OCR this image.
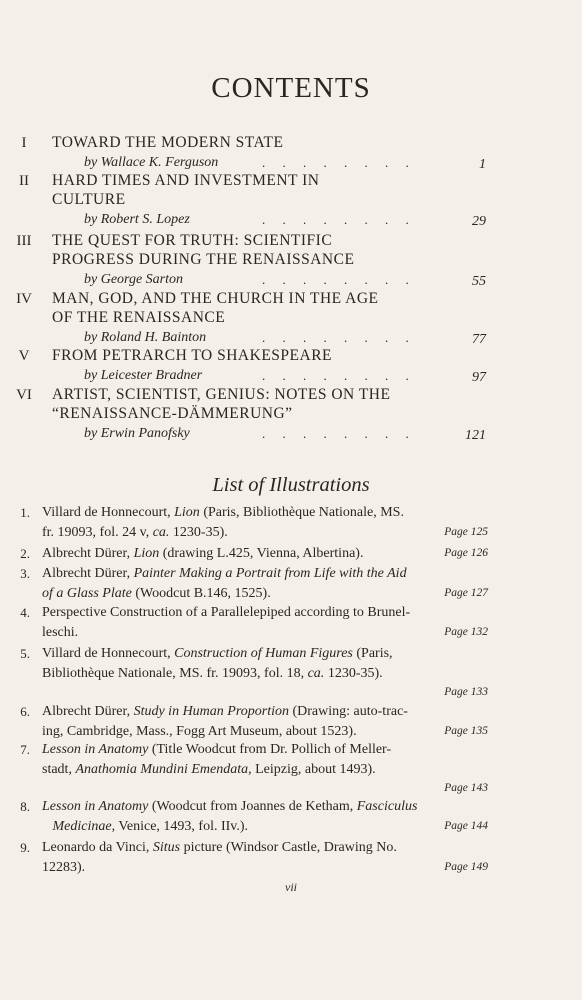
CONTENTS
I	TOWARD THE MODERN STATE
by Wallace K. Ferguson	. . . . . . . .	1
II	HARD TIMES AND INVESTMENT IN
CULTURE
by Robert S. Lopez	. . . . . . . .	29
III	THE QUEST FOR TRUTH: SCIENTIFIC
PROGRESS DURING THE RENAISSANCE
by George Sarton	. . . . . . . .	55
IV	MAN, GOD, AND THE CHURCH IN THE AGE
OF THE RENAISSANCE
by Roland H. Bainton	. . . . . . . .	77
V	FROM PETRARCH TO SHAKESPEARE
by Leicester Bradner	. . . . . . . .	97
VI	ARTIST, SCIENTIST, GENIUS: NOTES ON THE
“RENAISSANCE-DÄMMERUNG”
by Erwin Panofsky	. . . . . . . .	121
List of Illustrations
1. Villard de Honnecourt, Lion (Paris, Bibliothèque Nationale, MS.
fr. 19093, fol. 24 v, ca. 1230-35).	Page 125
2. Albrecht Dürer, Lion (drawing L.425, Vienna, Albertina).	Page 126
3. Albrecht Dürer, Painter Making a Portrait from Life with the Aid
of a Glass Plate (Woodcut B.146, 1525).	Page 127
4. Perspective Construction of a Parallelepiped according to Brunel-
leschi.	Page 132
5. Villard de Honnecourt, Construction of Human Figures (Paris,
Bibliothèque Nationale, MS. fr. 19093, fol. 18, ca. 1230-35).
Page 133
6. Albrecht Dürer, Study in Human Proportion (Drawing: auto-trac-
ing, Cambridge, Mass., Fogg Art Museum, about 1523).	Page 135
7. Lesson in Anatomy (Title Woodcut from Dr. Pollich of Meller-
stadt, Anathomia Mundini Emendata, Leipzig, about 1493).
Page 143
8. Lesson in Anatomy (Woodcut from Joannes de Ketham, Fasciculus
Medicinae, Venice, 1493, fol. IIv.).	Page 144
9. Leonardo da Vinci, Situs picture (Windsor Castle, Drawing No.
12283).	Page 149
vii
